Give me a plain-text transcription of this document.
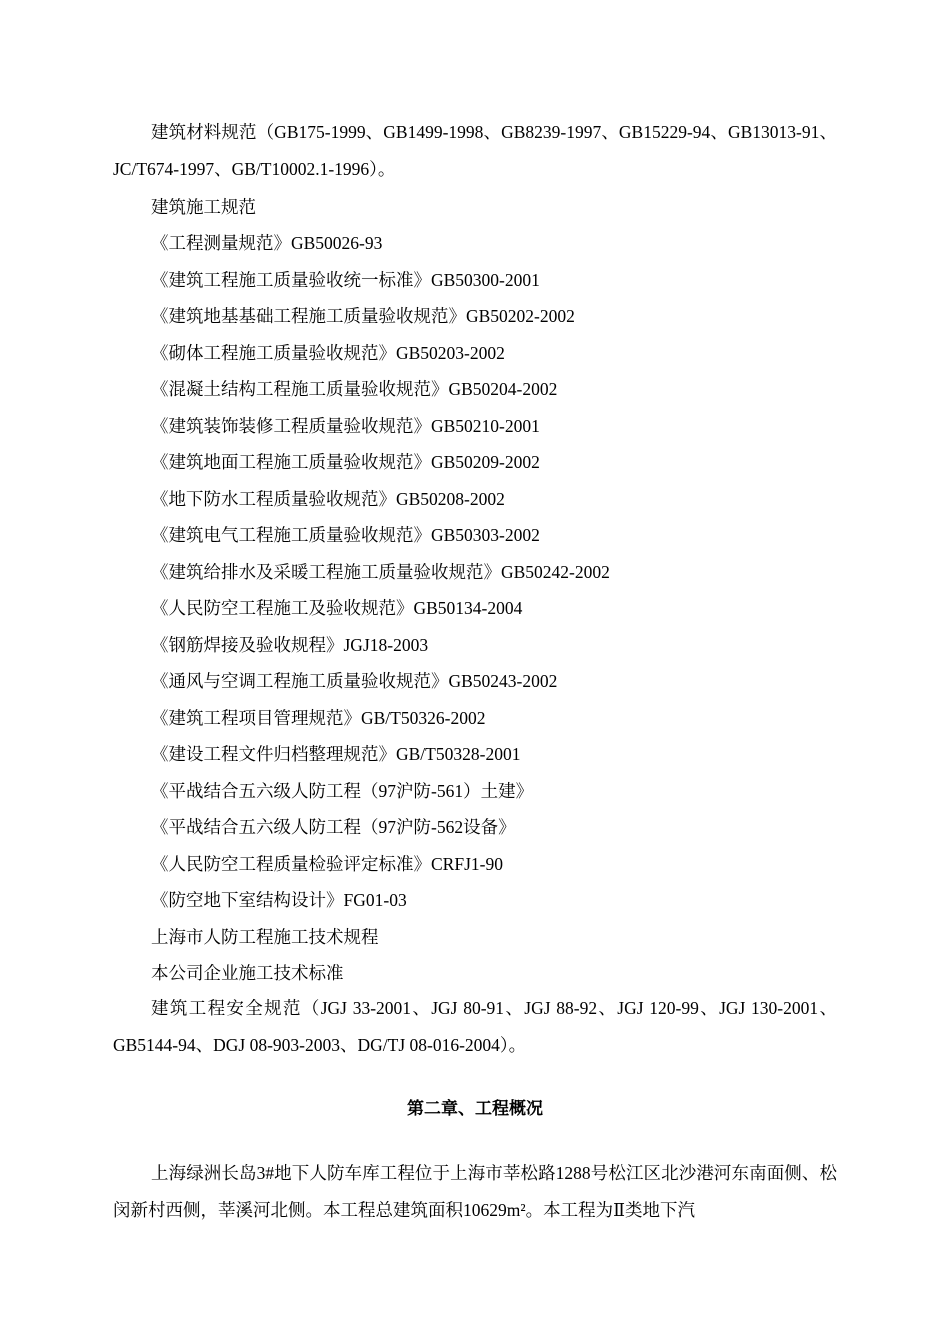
建筑材料规范（GB175-1999、GB1499-1998、GB8239-1997、GB15229-94、GB13013-91、JC/T674-1997、GB/T10002.1-1996）。

建筑施工规范
《工程测量规范》GB50026-93
《建筑工程施工质量验收统一标准》GB50300-2001
《建筑地基基础工程施工质量验收规范》GB50202-2002
《砌体工程施工质量验收规范》GB50203-2002
《混凝土结构工程施工质量验收规范》GB50204-2002
《建筑装饰装修工程质量验收规范》GB50210-2001
《建筑地面工程施工质量验收规范》GB50209-2002
《地下防水工程质量验收规范》GB50208-2002
《建筑电气工程施工质量验收规范》GB50303-2002
《建筑给排水及采暖工程施工质量验收规范》GB50242-2002
《人民防空工程施工及验收规范》GB50134-2004
《钢筋焊接及验收规程》JGJ18-2003
《通风与空调工程施工质量验收规范》GB50243-2002
《建筑工程项目管理规范》GB/T50326-2002
《建设工程文件归档整理规范》GB/T50328-2001
《平战结合五六级人防工程（97沪防-561）土建》
《平战结合五六级人防工程（97沪防-562设备》
《人民防空工程质量检验评定标准》CRFJ1-90
《防空地下室结构设计》FG01-03
上海市人防工程施工技术规程
本公司企业施工技术标准

建筑工程安全规范（JGJ 33-2001、JGJ 80-91、JGJ 88-92、JGJ 120-99、JGJ 130-2001、GB5144-94、DGJ 08-903-2003、DG/TJ 08-016-2004）。

第二章、工程概况

上海绿洲长岛3#地下人防车库工程位于上海市莘松路1288号松江区北沙港河东南面侧、松闵新村西侧，莘溪河北侧。本工程总建筑面积10629m²。本工程为Ⅱ类地下汽
